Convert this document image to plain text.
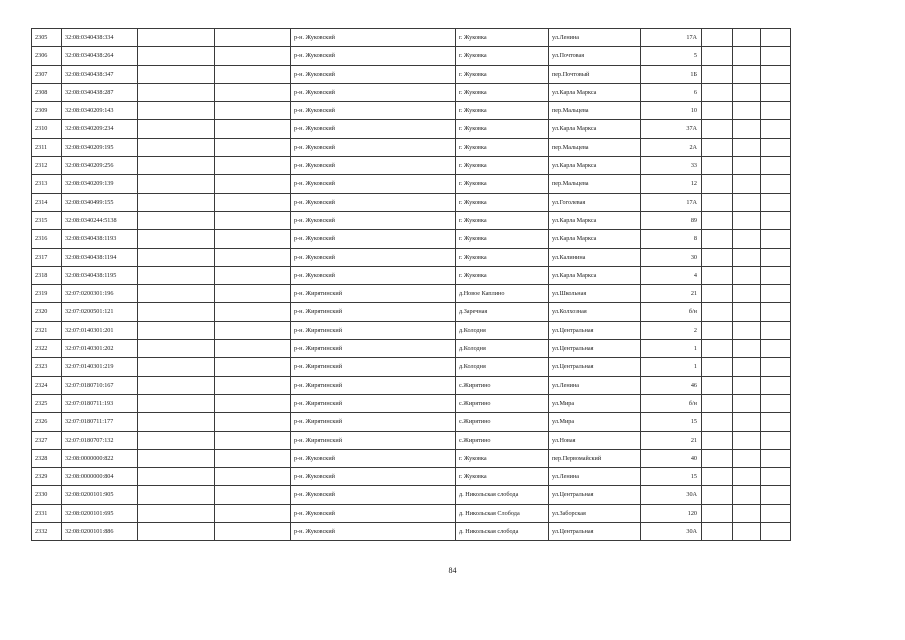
2305	32:08:0340438:334			р-н. Жуковский	г. Жуковка	ул.Ленина	17А			
2306	32:08:0340438:264			р-н. Жуковский	г. Жуковка	ул.Почтовая	5			
2307	32:08:0340438:347			р-н. Жуковский	г. Жуковка	пер.Почтовый	1Б			
2308	32:08:0340438:287			р-н. Жуковский	г. Жуковка	ул.Карла Маркса	6			
2309	32:08:0340209:143			р-н. Жуковский	г. Жуковка	пер.Мальцева	10			
2310	32:08:0340209:234			р-н. Жуковский	г. Жуковка	ул.Карла Маркса	37А			
2311	32:08:0340209:195			р-н. Жуковский	г. Жуковка	пер.Мальцева	2А			
2312	32:08:0340209:256			р-н. Жуковский	г. Жуковка	ул.Карла Маркса	33			
2313	32:08:0340209:139			р-н. Жуковский	г. Жуковка	пер.Мальцева	12			
2314	32:08:0340499:155			р-н. Жуковский	г. Жуковка	ул.Гоголевая	17А			
2315	32:08:0340244:5138			р-н. Жуковский	г. Жуковка	ул.Карла Маркса	89			
2316	32:08:0340438:1193			р-н. Жуковский	г. Жуковка	ул.Карла Маркса	8			
2317	32:08:0340438:1194			р-н. Жуковский	г. Жуковка	ул.Калинина	30			
2318	32:08:0340438:1195			р-н. Жуковский	г. Жуковка	ул.Карла Маркса	4			
2319	32:07:0200301:196			р-н. Жирятинский	д.Новое Каплино	ул.Школьная	21			
2320	32:07:0200501:121			р-н. Жирятинский	д.Заречная	ул.Колхозная	б/н			
2321	32:07:0140301:201			р-н. Жирятинский	д.Колодня	ул.Центральная	2			
2322	32:07:0140301:202			р-н. Жирятинский	д.Колодня	ул.Центральная	1			
2323	32:07:0140301:219			р-н. Жирятинский	д.Колодня	ул.Центральная	1			
2324	32:07:0180710:167			р-н. Жирятинский	с.Жирятино	ул.Ленина	46			
2325	32:07:0180711:193			р-н. Жирятинский	с.Жирятино	ул.Мира	б/н			
2326	32:07:0180711:177			р-н. Жирятинский	с.Жирятино	ул.Мира	15			
2327	32:07:0180707:132			р-н. Жирятинский	с.Жирятино	ул.Новая	21			
2328	32:08:0000000:822			р-н. Жуковский	г. Жуковка	пер.Первомайский	40			
2329	32:08:0000000:804			р-н. Жуковский	г. Жуковка	ул.Ленина	15			
2330	32:08:0200101:905			р-н. Жуковский	д. Никольская слобода	ул.Центральная	30А			
2331	32:08:0200101:695			р-н. Жуковский	д. Никольская Слобода	ул.Заборская	120			
2332	32:08:0200101:886			р-н. Жуковский	д. Никольская слобода	ул.Центральная	30А			
84
